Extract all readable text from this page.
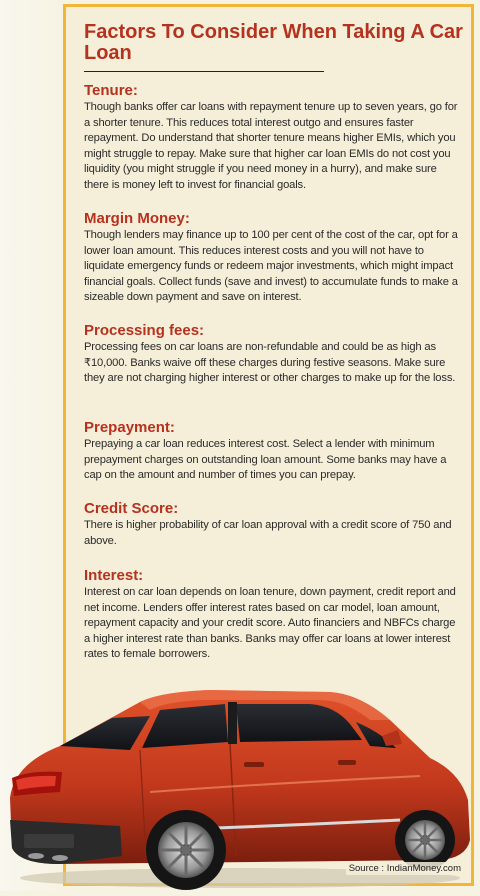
Factors To Consider When Taking A Car Loan

Tenure:

Though banks offer car loans with repayment tenure up to seven years, go for a shorter tenure. This reduces total interest outgo and ensures faster repayment. Do understand that shorter tenure means higher EMIs, which you might struggle to repay. Make sure that higher car loan EMIs do not cost you liquidity (you might struggle if you need money in a hurry), and make sure there is money left to invest for financial goals.

Margin Money:

Though lenders may finance up to 100 per cent of the cost of the car, opt for a lower loan amount. This reduces interest costs and you will not have to liquidate emergency funds or redeem major investments, which might impact financial goals. Collect funds (save and invest) to accumulate funds to make a sizeable down payment and save on interest.

Processing fees:

Processing fees on car loans are non-refundable and could be as high as ₹10,000. Banks waive off these charges during festive seasons. Make sure they are not charging higher interest or other charges to make up for the loss.

Prepayment:

Prepaying a car loan reduces interest cost. Select a lender with minimum prepayment charges on outstanding loan amount. Some banks may have a cap on the amount and number of times you can prepay.

Credit Score:

There is higher probability of car loan approval with a credit score of 750 and above.

Interest:

Interest on car loan depends on loan tenure, down payment, credit report and net income. Lenders offer interest rates based on car model, loan amount, repayment capacity and your credit score. Auto financiers and NBFCs charge a higher interest rate than banks. Banks may offer car loans at lower interest rates to female borrowers.

Source : IndianMoney.com
